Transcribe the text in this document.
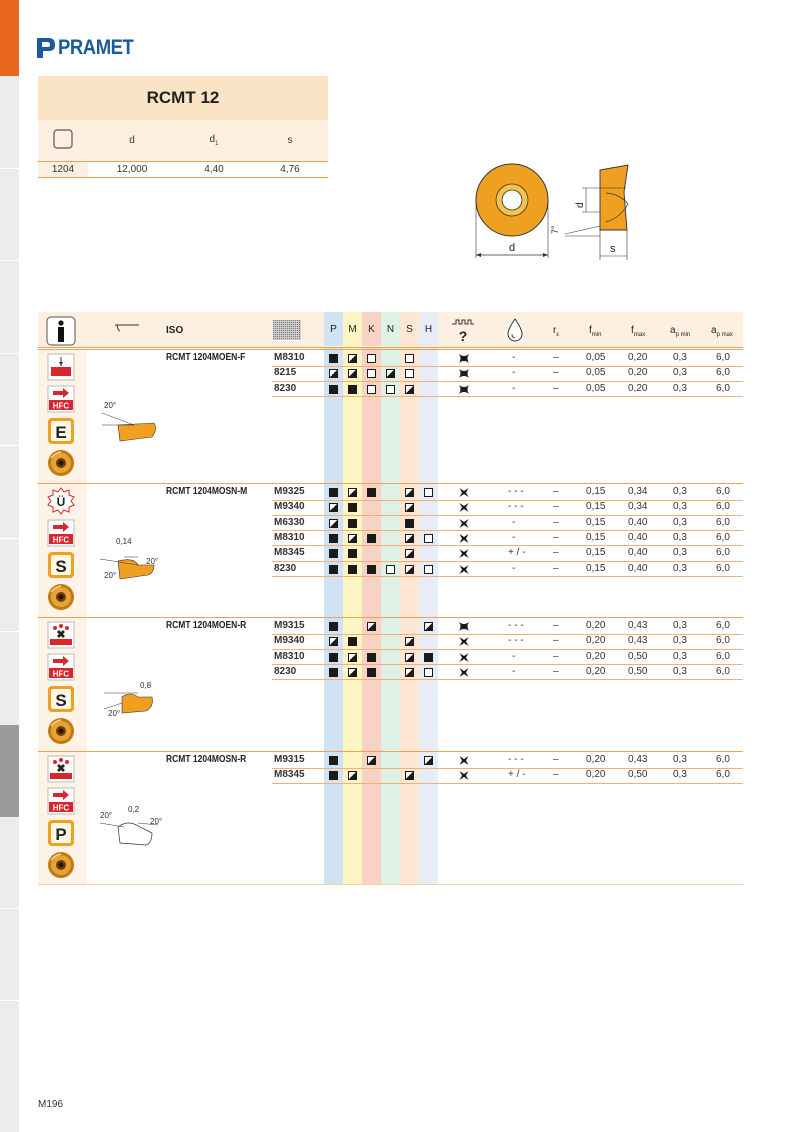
PRAMET
RCMT 12
d	$d_1$	s
1204	12,000	4,40	4,76
d	s
d
7°
ISO	P	M	K	N	S	H	?	$r_\varepsilon$	$f_{min}$	$f_{max}$ $a_{p min}$ $a_{p max}$
HFC
E
20°
RCMT 1204MOEN-F	M8310	-	–	0,05 0,20	0,3	6,0
8215	-	–	0,05 0,20	0,3	6,0
8230	-	–	0,05 0,20	0,3	6,0
Ü
HFC
S
0,14
20°
20°
RCMT 1204MOSN-M	M9325	- - -	–	0,15 0,34	0,3	6,0
M9340	- - -	–	0,15 0,34	0,3	6,0
M6330	-	–	0,15 0,40	0,3	6,0
M8310	-	–	0,15 0,40	0,3	6,0
M8345	+ / -	–	0,15 0,40	0,3	6,0
8230	-	–	0,15 0,40	0,3	6,0
✖
HFC
S
0,8
20°
RCMT 1204MOEN-R	M9315	- - -	–	0,20 0,43	0,3	6,0
M9340	- - -	–	0,20 0,43	0,3	6,0
M8310	-	–	0,20 0,50	0,3	6,0
8230	-	–	0,20 0,50	0,3	6,0
✖
HFC
P
20°
0,2
20°
RCMT 1204MOSN-R	M9315	- - -	–	0,20 0,43	0,3	6,0
M8345	+ / -	–	0,20 0,50	0,3	6,0
M196
